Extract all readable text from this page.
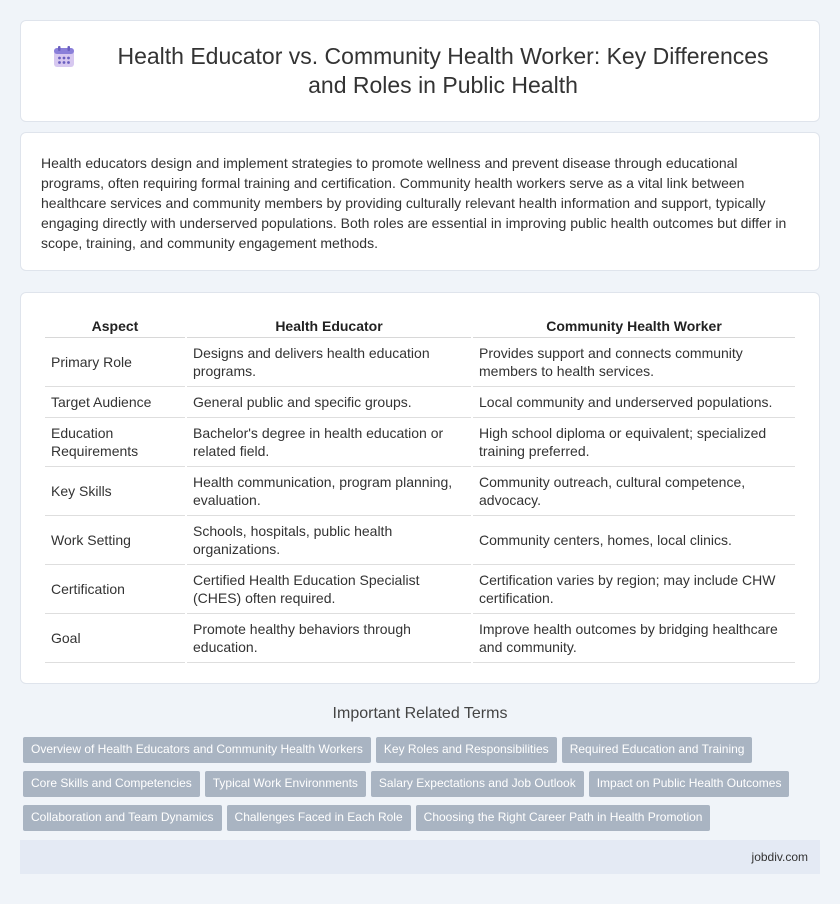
Health Educator vs. Community Health Worker: Key Differences and Roles in Public Health

Health educators design and implement strategies to promote wellness and prevent disease through educational programs, often requiring formal training and certification. Community health workers serve as a vital link between healthcare services and community members by providing culturally relevant health information and support, typically engaging directly with underserved populations. Both roles are essential in improving public health outcomes but differ in scope, training, and community engagement methods.

Aspect	Health Educator	Community Health Worker
Primary Role	Designs and delivers health education programs.	Provides support and connects community members to health services.
Target Audience	General public and specific groups.	Local community and underserved populations.
Education Requirements	Bachelor's degree in health education or related field.	High school diploma or equivalent; specialized training preferred.
Key Skills	Health communication, program planning, evaluation.	Community outreach, cultural competence, advocacy.
Work Setting	Schools, hospitals, public health organizations.	Community centers, homes, local clinics.
Certification	Certified Health Education Specialist (CHES) often required.	Certification varies by region; may include CHW certification.
Goal	Promote healthy behaviors through education.	Improve health outcomes by bridging healthcare and community.
Important Related Terms
Overview of Health Educators and Community Health Workers Key Roles and Responsibilities Required Education and Training
Core Skills and Competencies Typical Work Environments Salary Expectations and Job Outlook Impact on Public Health Outcomes
Collaboration and Team Dynamics Challenges Faced in Each Role Choosing the Right Career Path in Health Promotion
jobdiv.com
